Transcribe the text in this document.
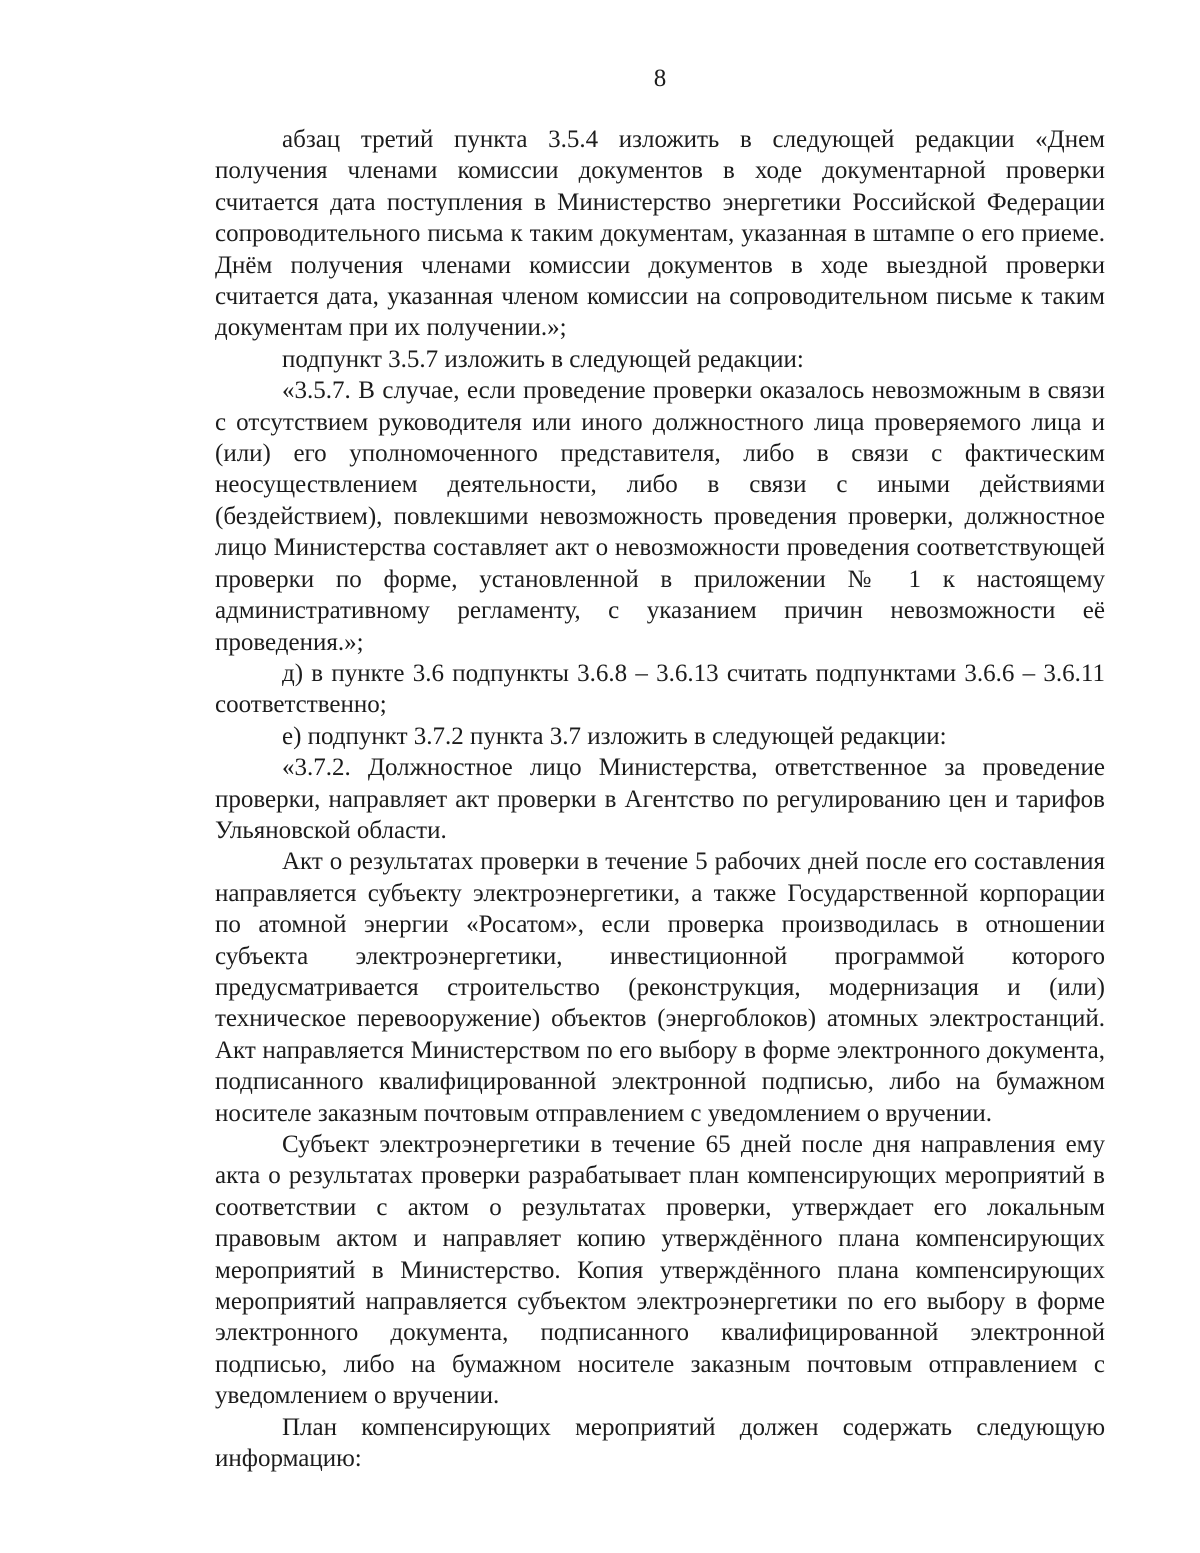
8

абзац третий пункта 3.5.4 изложить в следующей редакции «Днем получения членами комиссии документов в ходе документарной проверки считается дата поступления в Министерство энергетики Российской Федерации сопроводительного письма к таким документам, указанная в штампе о его приеме. Днём получения членами комиссии документов в ходе выездной проверки считается дата, указанная членом комиссии на сопроводительном письме к таким документам при их получении.»;

подпункт 3.5.7 изложить в следующей редакции:

«3.5.7. В случае, если проведение проверки оказалось невозможным в связи с отсутствием руководителя или иного должностного лица проверяемого лица и (или) его уполномоченного представителя, либо в связи с фактическим неосуществлением деятельности, либо в связи с иными действиями (бездействием), повлекшими невозможность проведения проверки, должностное лицо Министерства составляет акт о невозможности проведения соответствующей проверки по форме, установленной в приложении № 1 к настоящему административному регламенту, с указанием причин невозможности её проведения.»;

д) в пункте 3.6 подпункты 3.6.8 – 3.6.13 считать подпунктами 3.6.6 – 3.6.11 соответственно;

е) подпункт 3.7.2 пункта 3.7 изложить в следующей редакции:

«3.7.2. Должностное лицо Министерства, ответственное за проведение проверки, направляет акт проверки в Агентство по регулированию цен и тарифов Ульяновской области.

Акт о результатах проверки в течение 5 рабочих дней после его составления направляется субъекту электроэнергетики, а также Государственной корпорации по атомной энергии «Росатом», если проверка производилась в отношении субъекта электроэнергетики, инвестиционной программой которого предусматривается строительство (реконструкция, модернизация и (или) техническое перевооружение) объектов (энергоблоков) атомных электростанций. Акт направляется Министерством по его выбору в форме электронного документа, подписанного квалифицированной электронной подписью, либо на бумажном носителе заказным почтовым отправлением с уведомлением о вручении.

Субъект электроэнергетики в течение 65 дней после дня направления ему акта о результатах проверки разрабатывает план компенсирующих мероприятий в соответствии с актом о результатах проверки, утверждает его локальным правовым актом и направляет копию утверждённого плана компенсирующих мероприятий в Министерство. Копия утверждённого плана компенсирующих мероприятий направляется субъектом электроэнергетики по его выбору в форме электронного документа, подписанного квалифицированной электронной подписью, либо на бумажном носителе заказным почтовым отправлением с уведомлением о вручении.

План компенсирующих мероприятий должен содержать следующую информацию:
